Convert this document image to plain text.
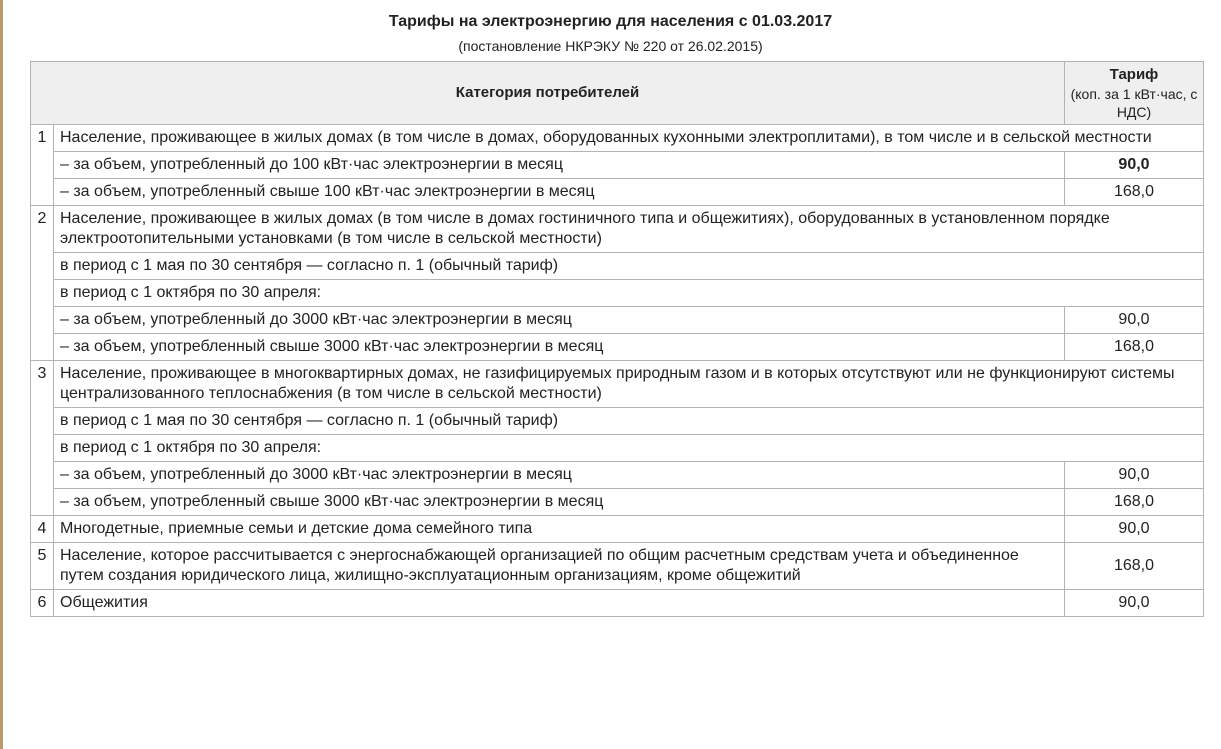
Тарифы на электроэнергию для населения с 01.03.2017
(постановление НКРЭКУ № 220 от 26.02.2015)
Категория потребителей		Тариф
(коп. за 1 кВт·час, с НДС)

1	Население, проживающее в жилых домах (в том числе в домах, оборудованных кухонными электроплитами), в том числе и в сельской местности	
	– за объем, употребленный до 100 кВт·час электроэнергии в месяц	90,0
	– за объем, употребленный свыше 100 кВт·час электроэнергии в месяц	168,0
2	Население, проживающее в жилых домах (в том числе в домах гостиничного типа и общежитиях), оборудованных в установленном порядке электроотопительными установками (в том числе в сельской местности)	
	в период с 1 мая по 30 сентября — согласно п. 1 (обычный тариф)	
	в период с 1 октября по 30 апреля:	
	– за объем, употребленный до 3000 кВт·час электроэнергии в месяц	90,0
	– за объем, употребленный свыше 3000 кВт·час электроэнергии в месяц	168,0
3	Население, проживающее в многоквартирных домах, не газифицируемых природным газом и в которых отсутствуют или не функционируют системы централизованного теплоснабжения (в том числе в сельской местности)	
	в период с 1 мая по 30 сентября — согласно п. 1 (обычный тариф)	
	в период с 1 октября по 30 апреля:	
	– за объем, употребленный до 3000 кВт·час электроэнергии в месяц	90,0
	– за объем, употребленный свыше 3000 кВт·час электроэнергии в месяц	168,0
4	Многодетные, приемные семьи и детские дома семейного типа	90,0
5	Население, которое рассчитывается с энергоснабжающей организацией по общим расчетным средствам учета и объединенное путем создания юридического лица, жилищно-эксплуатационным организациям, кроме общежитий	168,0
6	Общежития	90,0
